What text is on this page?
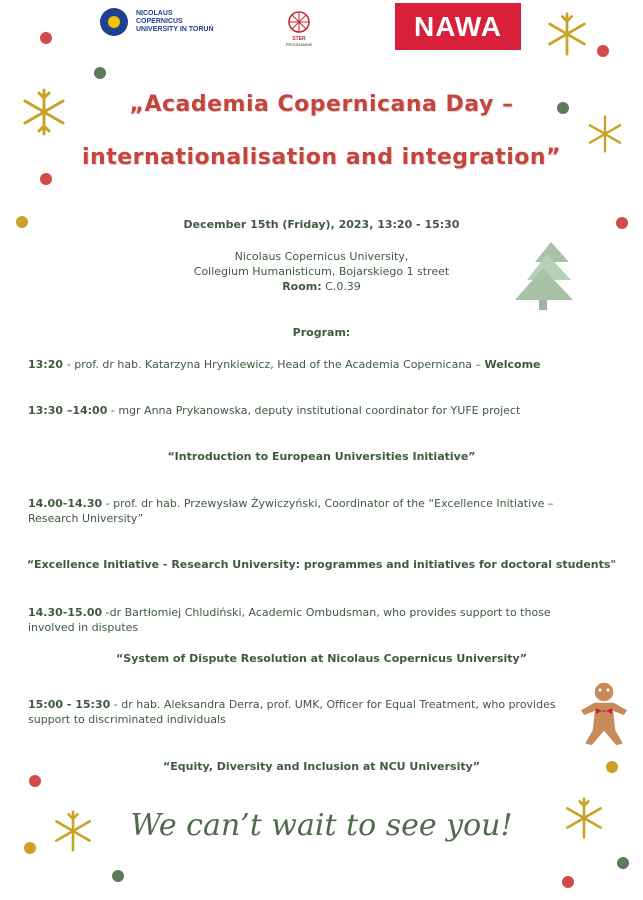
NICOLAUS COPERNICUS UNIVERSITY IN TORUŃ
STER
PROGRAMME
NAWA
„Academia Copernicana Day –
internationalisation and integration”
December 15th (Friday), 2023, 13:20 - 15:30
Nicolaus Copernicus University,
Collegium Humanisticum, Bojarskiego 1 street
Room: C.0.39
Program:
13:20 - prof. dr hab. Katarzyna Hrynkiewicz, Head of the Academia Copernicana – Welcome
13:30 –14:00 - mgr Anna Prykanowska, deputy institutional coordinator for YUFE project
“Introduction to European Universities Initiative”
14.00-14.30 - prof. dr hab. Przewysław Żywiczyński, Coordinator of the “Excellence Initiative – Research University”
“Excellence Initiative - Research University: programmes and initiatives for doctoral students"
14.30-15.00 -dr Bartłomiej Chludiński, Academic Ombudsman, who provides support to those involved in disputes
“System of Dispute Resolution at Nicolaus Copernicus University”
15:00 - 15:30 - dr hab. Aleksandra Derra, prof. UMK, Officer for Equal Treatment, who provides support to discriminated individuals
“Equity, Diversity and Inclusion at NCU University”
We can’t wait to see you!
